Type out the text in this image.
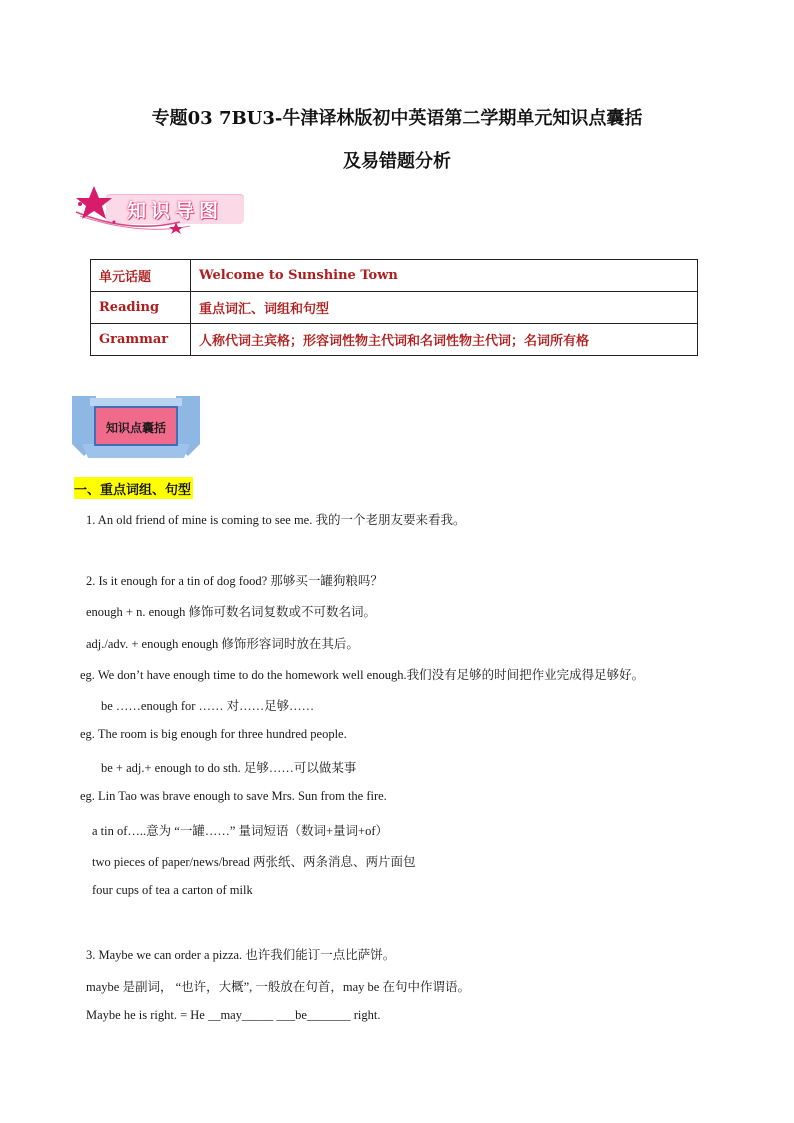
专题03 7BU3-牛津译林版初中英语第二学期单元知识点囊括
及易错题分析
知识导图
单元话题	Welcome to Sunshine Town
Reading	重点词汇、词组和句型
Grammar	人称代词主宾格；形容词性物主代词和名词性物主代词；名词所有格
知识点囊括
一、重点词组、句型
1. An old friend of mine is coming to see me. 我的一个老朋友要来看我。
2. Is it enough for a tin of dog food? 那够买一罐狗粮吗？
enough + n. enough 修饰可数名词复数或不可数名词。
adj./adv. + enough enough 修饰形容词时放在其后。
eg. We don’t have enough time to do the homework well enough.我们没有足够的时间把作业完成得足够好。
be ……enough for …… 对……足够……
eg. The room is big enough for three hundred people.
be + adj.+ enough to do sth. 足够……可以做某事
eg. Lin Tao was brave enough to save Mrs. Sun from the fire.
a tin of…..意为 “一罐……” 量词短语（数词+量词+of）
two pieces of paper/news/bread 两张纸、两条消息、两片面包
four cups of tea a carton of milk
3. Maybe we can order a pizza. 也许我们能订一点比萨饼。
maybe 是副词， “也许，大概”, 一般放在句首，may be 在句中作谓语。
Maybe he is right. = He __may_____ ___be_______ right.
